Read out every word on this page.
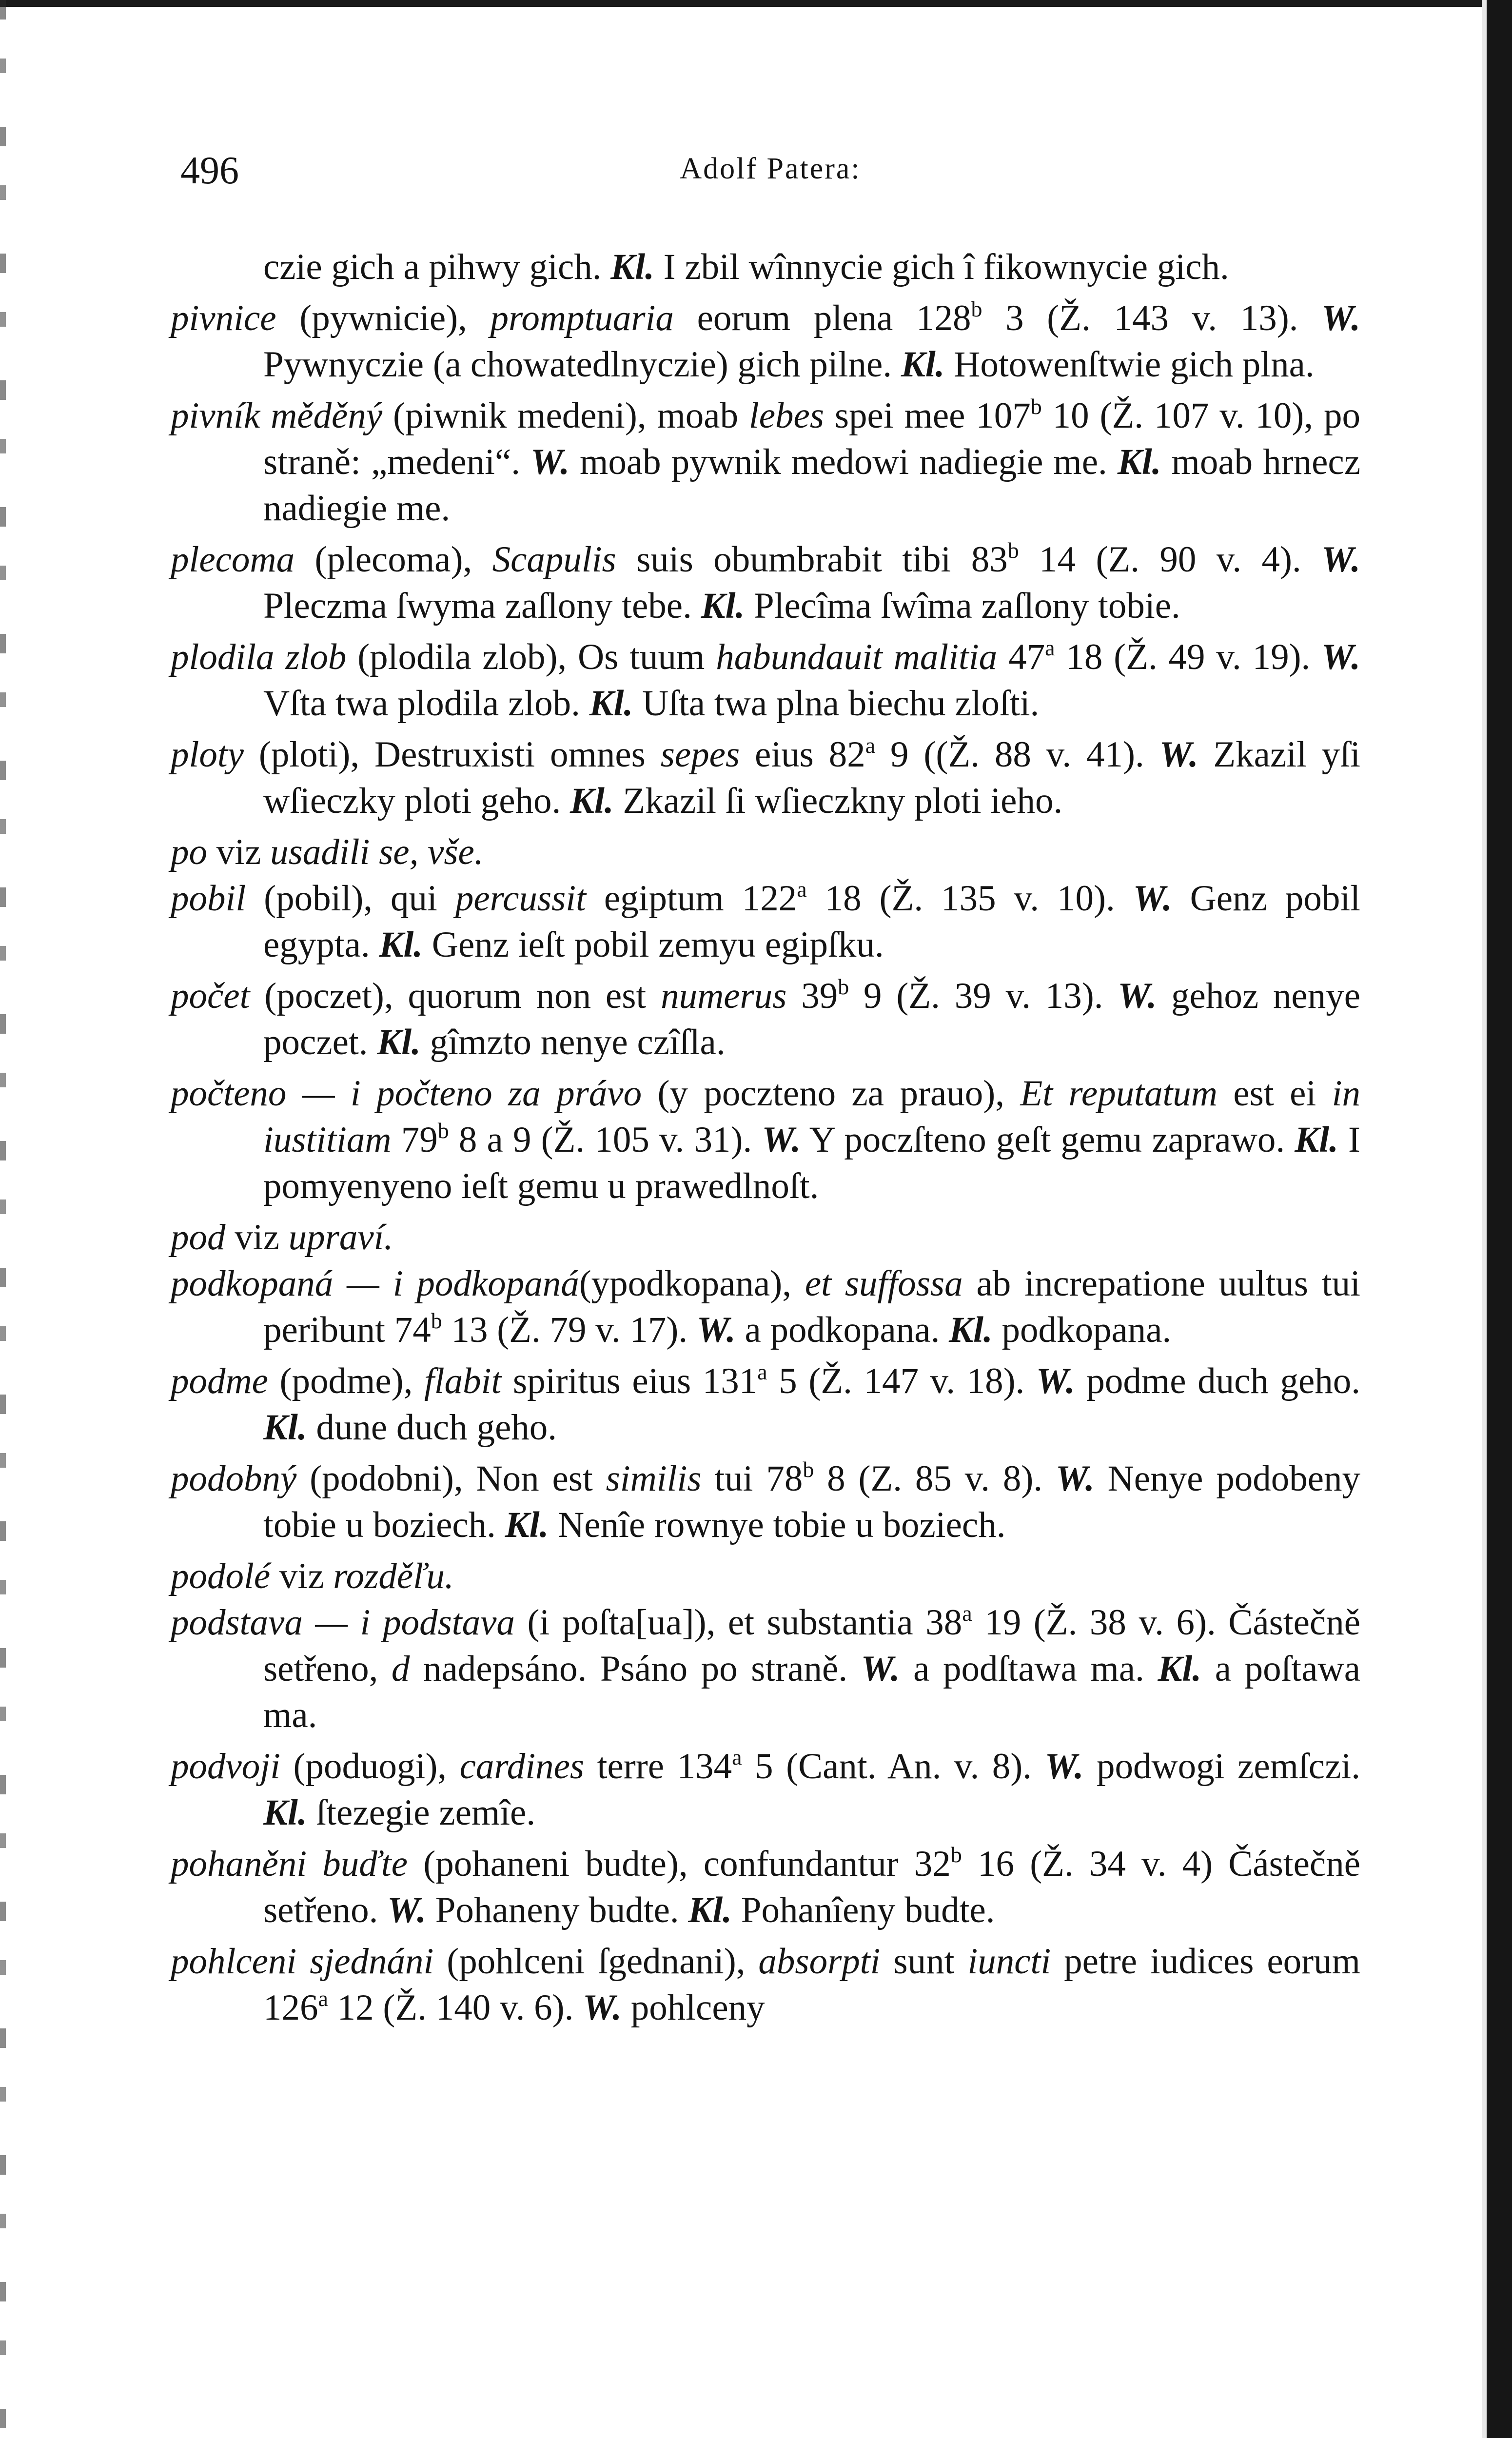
496	Adolf Patera:

czie gich a pihwy gich. Kl. I zbil wînnycie gich î fikownycie gich.

pivnice (pywnicie), promptuaria eorum plena 128$^b$ 3 (Ž. 143 v. 13). W. Pywnyczie (a chowatedlnyczie) gich pilne. Kl. Hotowenſtwie gich plna.

pivník měděný (piwnik medeni), moab lebes spei mee 107$^b$ 10 (Ž. 107 v. 10), po straně: „medeni“. W. moab pywnik medowi nadiegie me. Kl. moab hrnecz nadiegie me.

plecoma (plecoma), Scapulis suis obumbrabit tibi 83$^b$ 14 (Z. 90 v. 4). W. Pleczma ſwyma zaſlony tebe. Kl. Plecîma ſwîma zaſlony tobie.

plodila zlob (plodila zlob), Os tuum habundauit malitia 47$^a$ 18 (Ž. 49 v. 19). W. Vſta twa plodila zlob. Kl. Uſta twa plna biechu zloſti.

ploty (ploti), Destruxisti omnes sepes eius 82$^a$ 9 ((Ž. 88 v. 41). W. Zkazil yſi wſieczky ploti geho. Kl. Zkazil ſi wſieczkny ploti ieho.

po viz usadili se, vše.

pobil (pobil), qui percussit egiptum 122$^a$ 18 (Ž. 135 v. 10). W. Genz pobil egypta. Kl. Genz ieſt pobil zemyu egipſku.

počet (poczet), quorum non est numerus 39$^b$ 9 (Ž. 39 v. 13). W. gehoz nenye poczet. Kl. gîmzto nenye czîſla.

počteno — i počteno za právo (y poczteno za prauo), Et reputatum est ei in iustitiam 79$^b$ 8 a 9 (Ž. 105 v. 31). W. Y poczſteno geſt gemu zaprawo. Kl. I pomyenyeno ieſt gemu u prawedlnoſt.

pod viz upraví.

podkopaná — i podkopaná(ypodkopana), et suffossa ab increpatione uultus tui peribunt 74$^b$ 13 (Ž. 79 v. 17). W. a podkopana. Kl. podkopana.

podme (podme), flabit spiritus eius 131$^a$ 5 (Ž. 147 v. 18). W. podme duch geho. Kl. dune duch geho.

podobný (podobni), Non est similis tui 78$^b$ 8 (Z. 85 v. 8). W. Nenye podobeny tobie u boziech. Kl. Nenîe rownye tobie u boziech.

podolé viz rozděľu.

podstava — i podstava (i poſta[ua]), et substantia 38$^a$ 19 (Ž. 38 v. 6). Částečně setřeno, d nadepsáno. Psáno po straně. W. a podſtawa ma. Kl. a poſtawa ma.

podvoji (poduogi), cardines terre 134$^a$ 5 (Cant. An. v. 8). W. podwogi zemſczi. Kl. ſtezegie zemîe.

pohaněni buďte (pohaneni budte), confundantur 32$^b$ 16 (Ž. 34 v. 4) Částečně setřeno. W. Pohaneny budte. Kl. Pohanîeny budte.

pohlceni sjednáni (pohlceni ſgednani), absorpti sunt iuncti petre iudices eorum 126$^a$ 12 (Ž. 140 v. 6). W. pohlceny
